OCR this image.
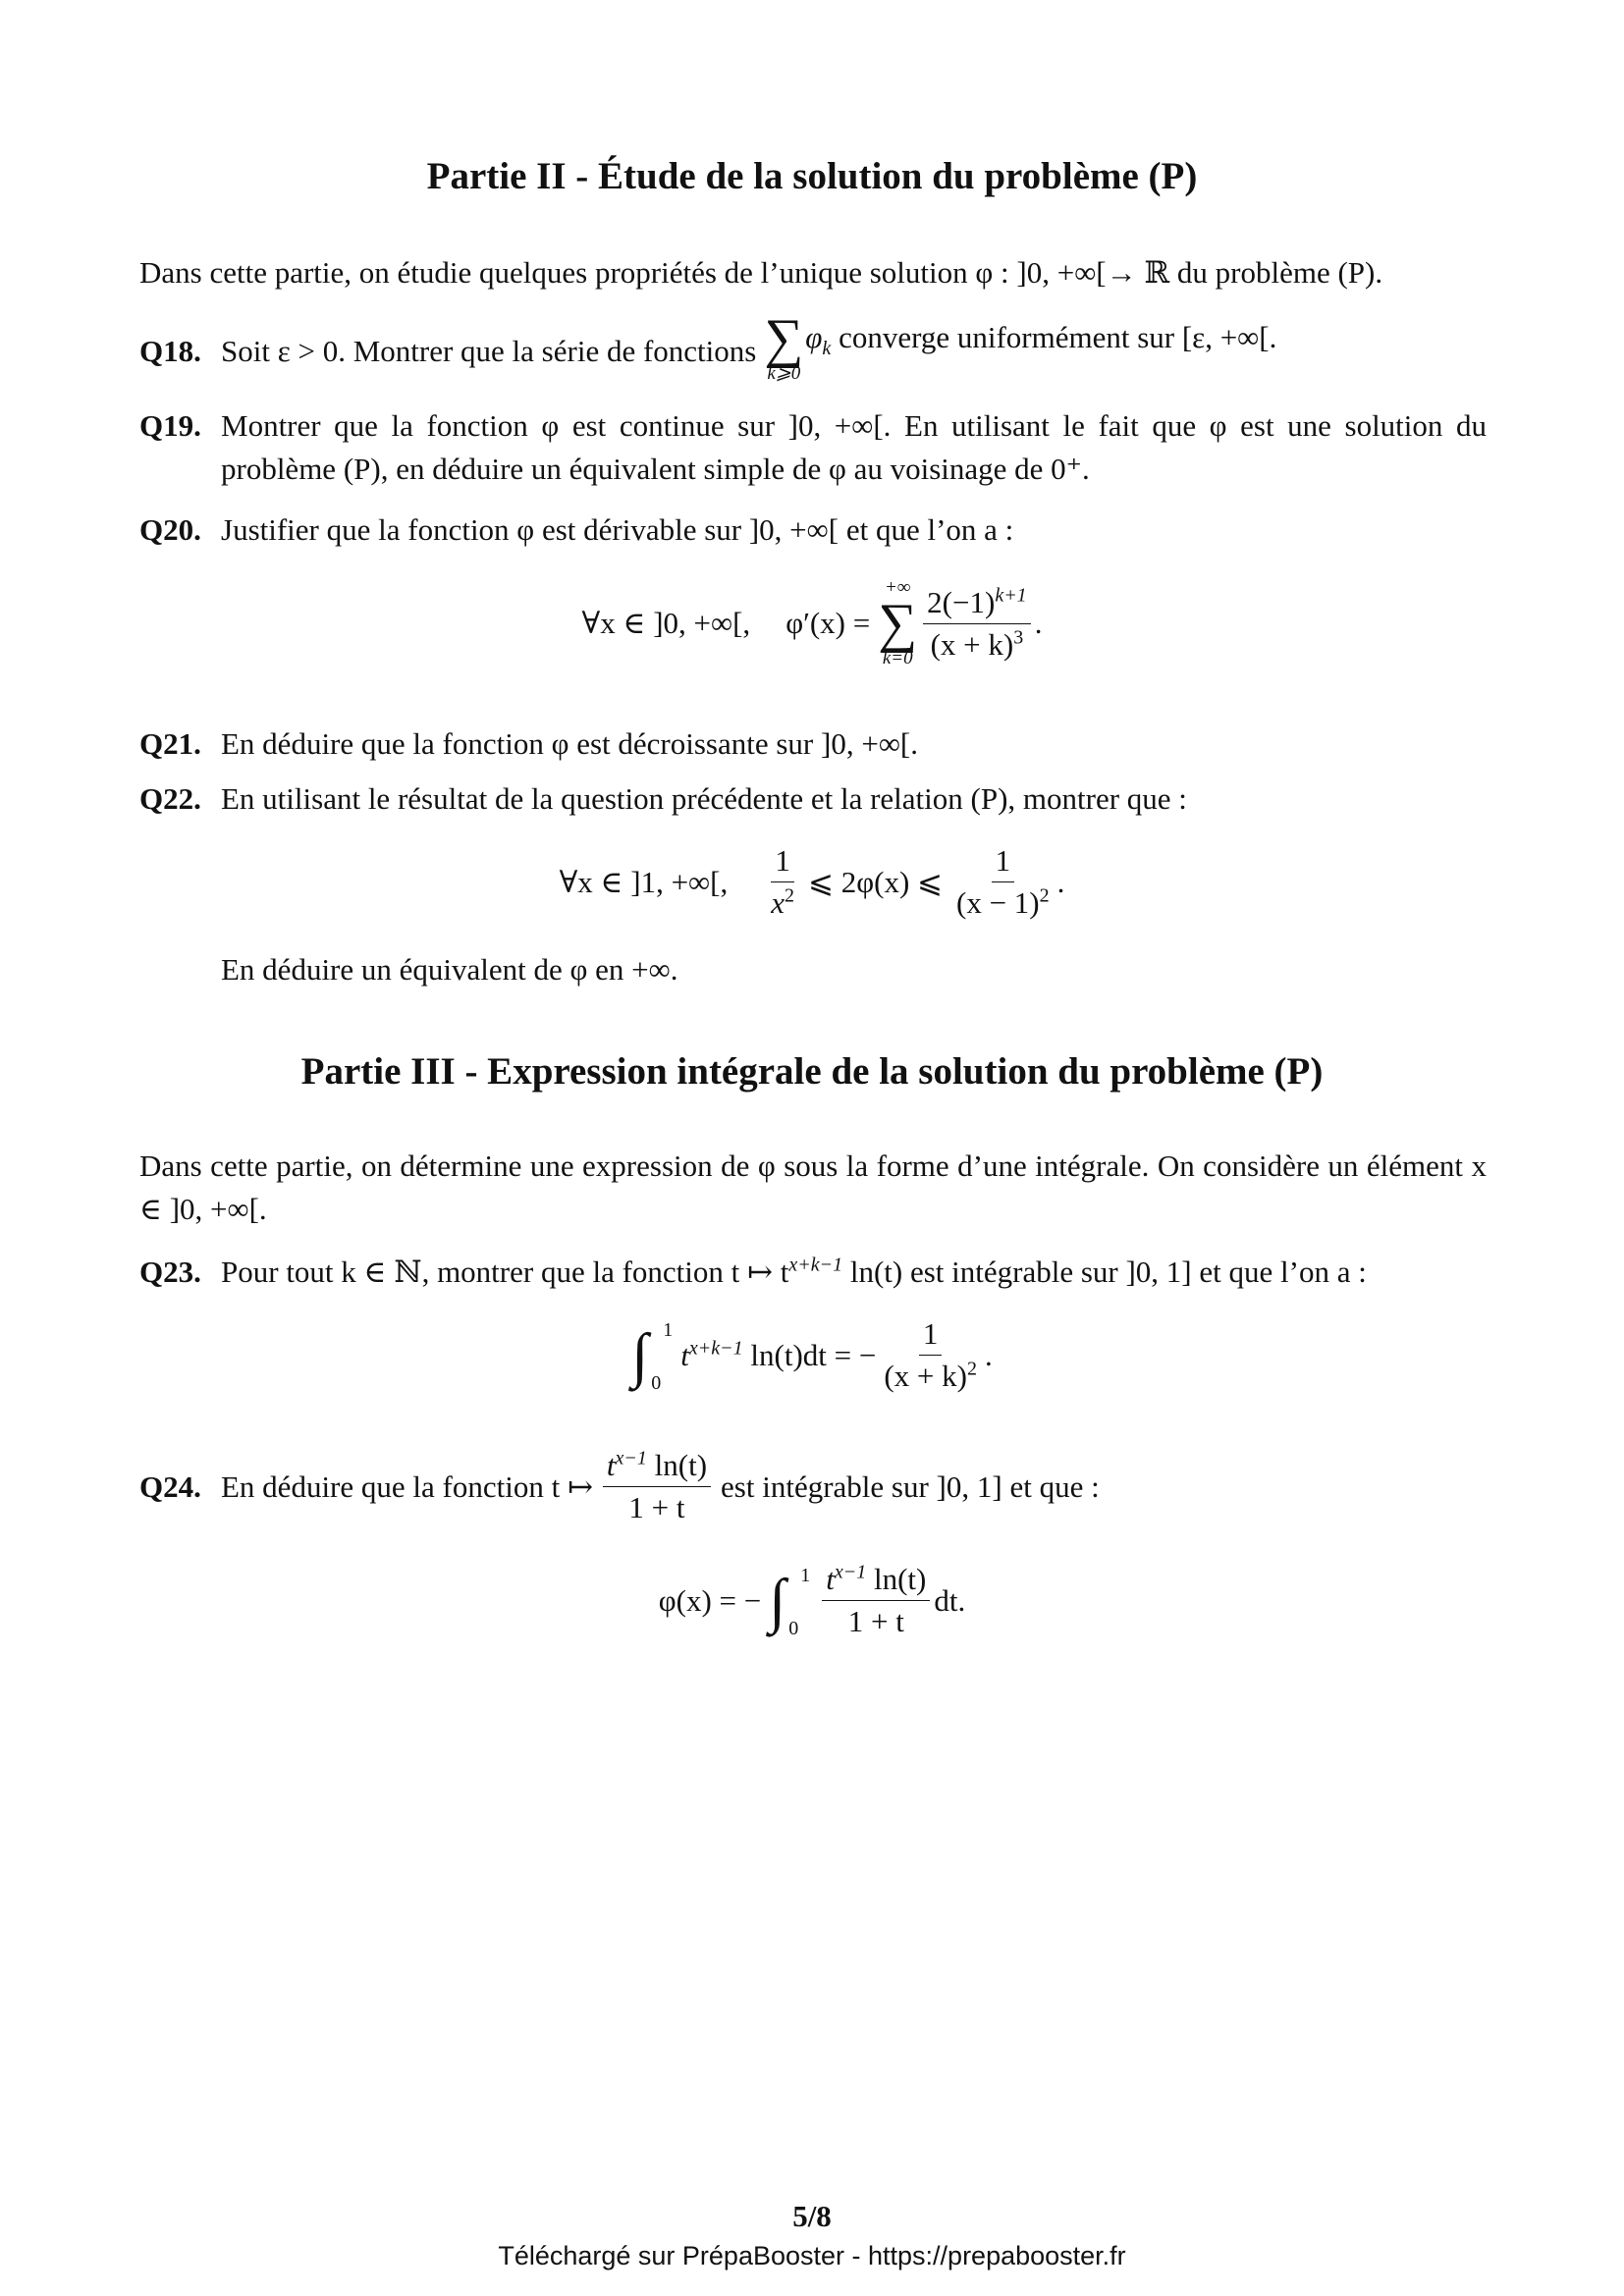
Partie II - Étude de la solution du problème (P)
Dans cette partie, on étudie quelques propriétés de l’unique solution φ : ]0, +∞[→ ℝ du problème (P).
Q18. Soit ε > 0. Montrer que la série de fonctions ∑
k⩾0
$\varphi_k$ converge uniformément sur [ε, +∞[.
Q19. Montrer que la fonction φ est continue sur ]0, +∞[. En utilisant le fait que φ est une solution du problème (P), en déduire un équivalent simple de φ au voisinage de 0⁺.
Q20. Justifier que la fonction φ est dérivable sur ]0, +∞[ et que l’on a :
∀x ∈ ]0, +∞[, φ′(x) =
+∞
∑
$k=0 \frac{2(-1)^{k+1}}{(x + k)^3}$ .
Q21. En déduire que la fonction φ est décroissante sur ]0, +∞[.
Q22. En utilisant le résultat de la question précédente et la relation (P), montrer que :
∀x ∈ ]1, +∞[, $\frac{1}{x^2}$ ⩽ 2φ(x) ⩽ $\frac{1}{(x - 1)^2}$ .
En déduire un équivalent de φ en +∞.
Partie III - Expression intégrale de la solution du problème (P)
Dans cette partie, on détermine une expression de φ sous la forme d’une intégrale. On considère un élément x ∈ ]0, +∞[.
Q23. Pour tout k ∈ ℕ, montrer que la fonction t ↦ $t^{x+k-1}$ ln(t) est intégrable sur ]0, 1] et que l’on a :
∫ 1
0
$t^{x+k-1}$ ln(t)dt = − $\frac{1}{(x + k)^2}$ .
Q24. En déduire que la fonction t ↦ $\frac{t^{x-1} \ln(t)}{1 + t}$ est intégrable sur ]0, 1] et que :
φ(x) = − ∫ 1
$0 \frac{t^{x-1} \ln(t)}{1 + t}$ dt.
5/8
Téléchargé sur PrépaBooster - https://prepabooster.fr
